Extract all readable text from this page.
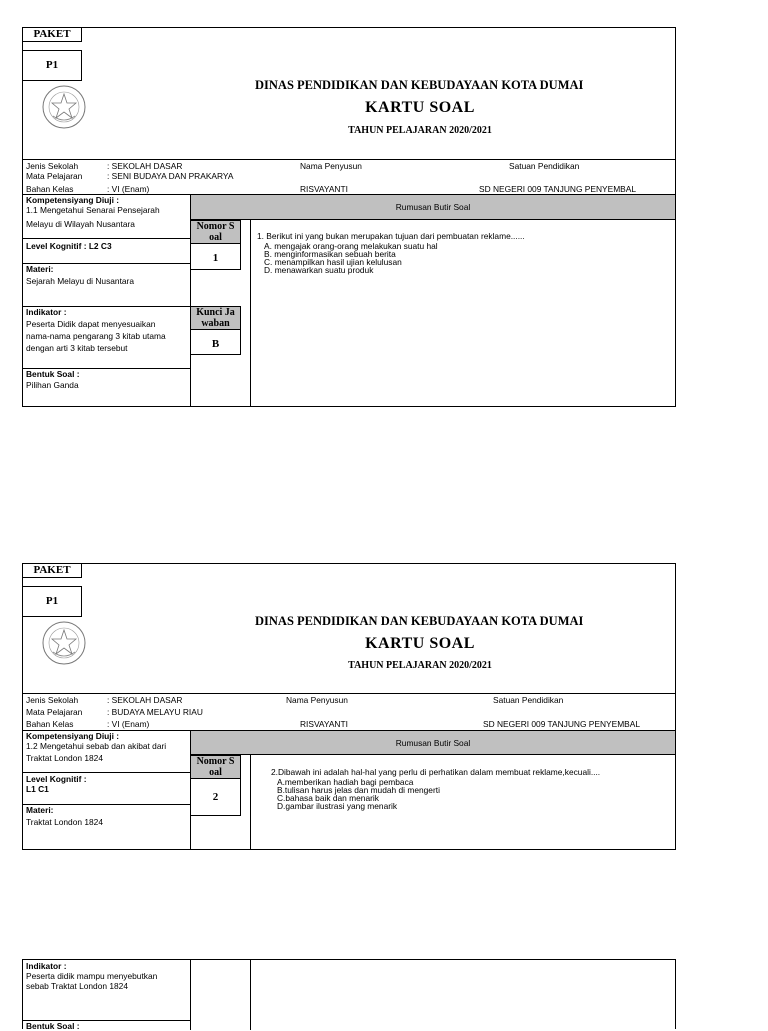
PAKET
P1
DINAS PENDIDIKAN DAN KEBUDAYAAN KOTA DUMAI
KARTU SOAL
TAHUN PELAJARAN 2020/2021
Jenis Sekolah	: SEKOLAH DASAR
Mata Pelajaran	: SENI BUDAYA DAN PRAKARYA
Bahan Kelas	: VI (Enam)
Nama Penyusun
RISVAYANTI
Satuan Pendidikan
SD NEGERI 009 TANJUNG PENYEMBAL
Rumusan Butir Soal
Kompetensiyang Diuji :
1.1 Mengetahui Senarai Pensejarah
Melayu di Wilayah Nusantara
Level Kognitif : L2 C3
Materi:
Sejarah Melayu di Nusantara
Indikator :
Peserta Didik dapat menyesuaikan
nama-nama pengarang 3 kitab utama
dengan arti 3 kitab tersebut
Bentuk Soal :
Pilihan Ganda
Nomor S
oal
1
Kunci Ja
waban
B
1. Berikut ini yang bukan merupakan tujuan dari pembuatan reklame......
A. mengajak orang-orang melakukan suatu hal
B. menginformasikan sebuah berita
C. menampilkan hasil ujian kelulusan
D. menawarkan suatu produk
PAKET
P1
DINAS PENDIDIKAN DAN KEBUDAYAAN KOTA DUMAI
KARTU SOAL
TAHUN PELAJARAN 2020/2021
Jenis Sekolah	: SEKOLAH DASAR
Mata Pelajaran	: BUDAYA MELAYU RIAU
Bahan Kelas	: VI (Enam)
Nama Penyusun
RISVAYANTI
Satuan Pendidikan
SD NEGERI 009 TANJUNG PENYEMBAL
Rumusan Butir Soal
Kompetensiyang Diuji :
1.2 Mengetahui sebab dan akibat dari
Traktat London 1824
Level Kognitif :
L1 C1
Materi:
Traktat London 1824
Nomor S
oal
2
2.Dibawah ini adalah hal-hal yang perlu di perhatikan dalam membuat reklame,kecuali....
A.memberikan hadiah bagi pembaca
B.tulisan harus jelas dan mudah di mengerti
C.bahasa baik dan menarik
D.gambar ilustrasi yang menarik
Indikator :
Peserta didik mampu menyebutkan
sebab Traktat London 1824
Bentuk Soal :
